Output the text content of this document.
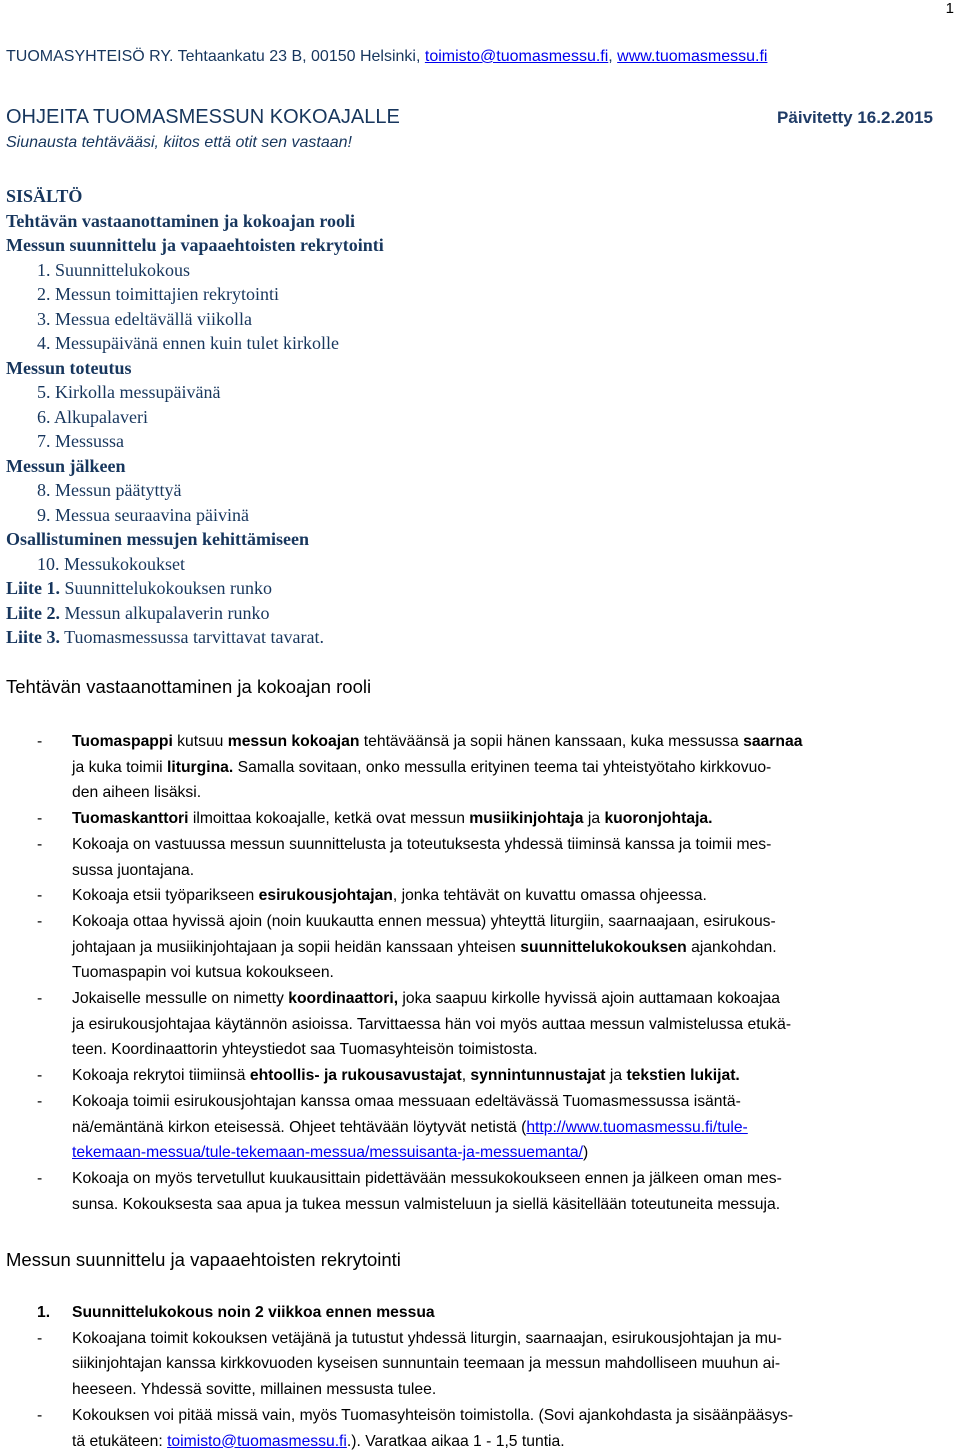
1
TUOMASYHTEISÖ RY. Tehtaankatu 23 B, 00150 Helsinki, toimisto@tuomasmessu.fi, www.tuomasmessu.fi
OHJEITA TUOMASMESSUN KOKOAJALLE	Päivitetty 16.2.2015
Siunausta tehtävääsi, kiitos että otit sen vastaan!
SISÄLTÖ
Tehtävän vastaanottaminen ja kokoajan rooli
Messun suunnittelu ja vapaaehtoisten rekrytointi
1. Suunnittelukokous
2. Messun toimittajien rekrytointi
3. Messua edeltävällä viikolla
4. Messupäivänä ennen kuin tulet kirkolle
Messun toteutus
5. Kirkolla messupäivänä
6. Alkupalaveri
7. Messussa
Messun jälkeen
8. Messun päätyttyä
9. Messua seuraavina päivinä
Osallistuminen messujen kehittämiseen
10. Messukokoukset
Liite 1. Suunnittelukokouksen runko
Liite 2. Messun alkupalaverin runko
Liite 3. Tuomasmessussa tarvittavat tavarat.
Tehtävän vastaanottaminen ja kokoajan rooli
- Tuomaspappi kutsuu messun kokoajan tehtäväänsä ja sopii hänen kanssaan, kuka messussa saarnaa
ja kuka toimii liturgina. Samalla sovitaan, onko messulla erityinen teema tai yhteistyötaho kirkkovuo-
den aiheen lisäksi.
- Tuomaskanttori ilmoittaa kokoajalle, ketkä ovat messun musiikinjohtaja ja kuoronjohtaja.
- Kokoaja on vastuussa messun suunnittelusta ja toteutuksesta yhdessä tiiminsä kanssa ja toimii mes-
sussa juontajana.
- Kokoaja etsii työparikseen esirukousjohtajan, jonka tehtävät on kuvattu omassa ohjeessa.
- Kokoaja ottaa hyvissä ajoin (noin kuukautta ennen messua) yhteyttä liturgiin, saarnaajaan, esirukous-
johtajaan ja musiikinjohtajaan ja sopii heidän kanssaan yhteisen suunnittelukokouksen ajankohdan.
Tuomaspapin voi kutsua kokoukseen.
- Jokaiselle messulle on nimetty koordinaattori, joka saapuu kirkolle hyvissä ajoin auttamaan kokoajaa
ja esirukousjohtajaa käytännön asioissa. Tarvittaessa hän voi myös auttaa messun valmistelussa etukä-
teen. Koordinaattorin yhteystiedot saa Tuomasyhteisön toimistosta.
- Kokoaja rekrytoi tiimiinsä ehtoollis- ja rukousavustajat, synnintunnustajat ja tekstien lukijat.
- Kokoaja toimii esirukousjohtajan kanssa omaa messuaan edeltävässä Tuomasmessussa isäntä-
nä/emäntänä kirkon eteisessä. Ohjeet tehtävään löytyvät netistä (http://www.tuomasmessu.fi/tule-
tekemaan-messua/tule-tekemaan-messua/messuisanta-ja-messuemanta/)
- Kokoaja on myös tervetullut kuukausittain pidettävään messukokoukseen ennen ja jälkeen oman mes-
sunsa. Kokouksesta saa apua ja tukea messun valmisteluun ja siellä käsitellään toteutuneita messuja.
Messun suunnittelu ja vapaaehtoisten rekrytointi
1. Suunnittelukokous noin 2 viikkoa ennen messua
- Kokoajana toimit kokouksen vetäjänä ja tutustut yhdessä liturgin, saarnaajan, esirukousjohtajan ja mu-
siikinjohtajan kanssa kirkkovuoden kyseisen sunnuntain teemaan ja messun mahdolliseen muuhun ai-
heeseen. Yhdessä sovitte, millainen messusta tulee.
- Kokouksen voi pitää missä vain, myös Tuomasyhteisön toimistolla. (Sovi ajankohdasta ja sisäänpääsys-
tä etukäteen: toimisto@tuomasmessu.fi.). Varatkaa aikaa 1 - 1,5 tuntia.
